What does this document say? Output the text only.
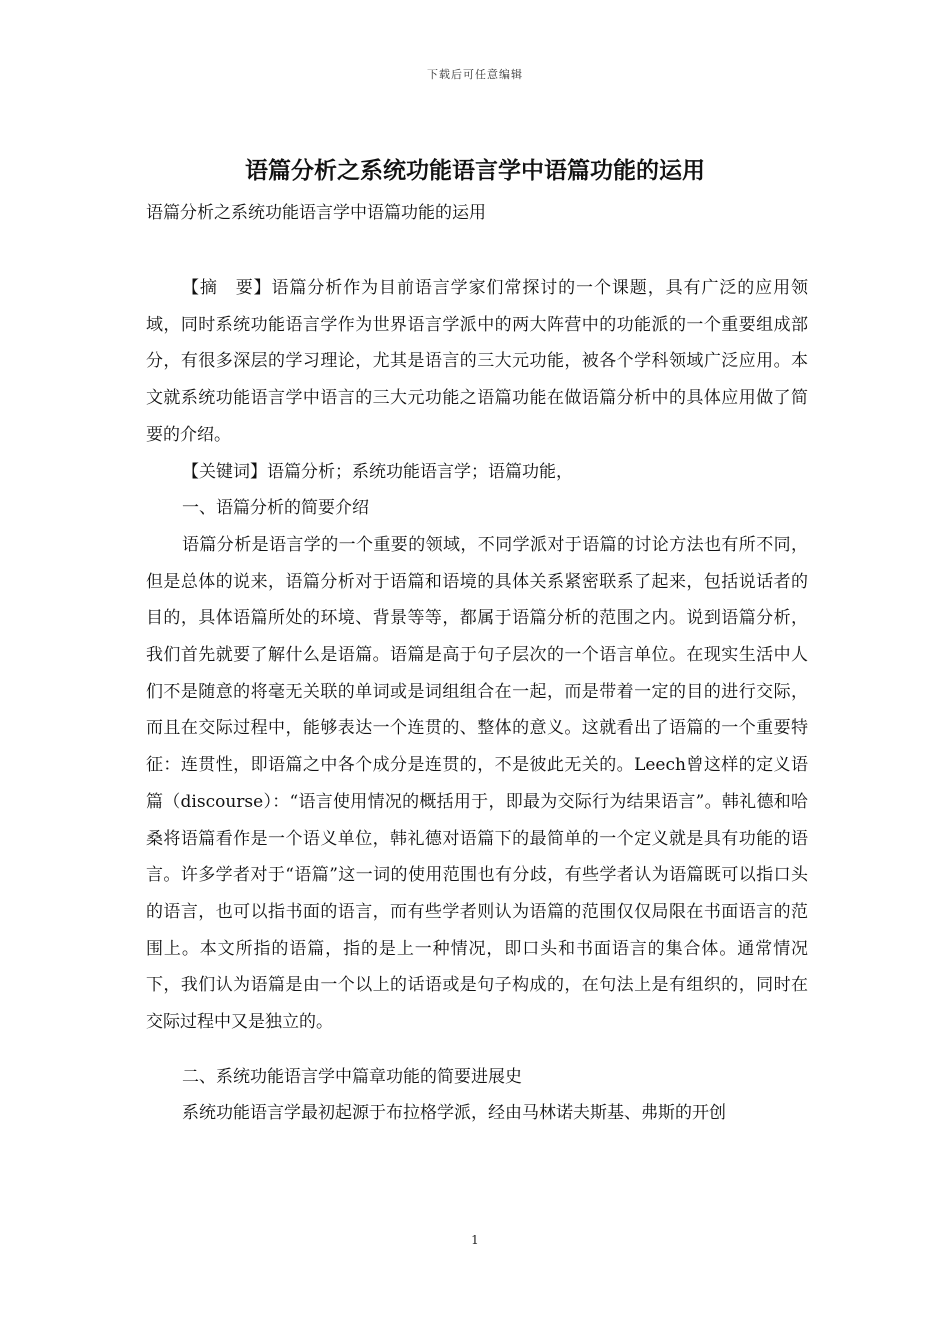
下载后可任意编辑
语篇分析之系统功能语言学中语篇功能的运用

语篇分析之系统功能语言学中语篇功能的运用

【摘　要】语篇分析作为目前语言学家们常探讨的一个课题，具有广泛的应用领域，同时系统功能语言学作为世界语言学派中的两大阵营中的功能派的一个重要组成部分，有很多深层的学习理论，尤其是语言的三大元功能，被各个学科领域广泛应用。本文就系统功能语言学中语言的三大元功能之语篇功能在做语篇分析中的具体应用做了简要的介绍。

【关键词】语篇分析；系统功能语言学；语篇功能，

一、语篇分析的简要介绍

语篇分析是语言学的一个重要的领域，不同学派对于语篇的讨论方法也有所不同，但是总体的说来，语篇分析对于语篇和语境的具体关系紧密联系了起来，包括说话者的目的，具体语篇所处的环境、背景等等，都属于语篇分析的范围之内。说到语篇分析，我们首先就要了解什么是语篇。语篇是高于句子层次的一个语言单位。在现实生活中人们不是随意的将毫无关联的单词或是词组组合在一起，而是带着一定的目的进行交际，而且在交际过程中，能够表达一个连贯的、整体的意义。这就看出了语篇的一个重要特征：连贯性，即语篇之中各个成分是连贯的，不是彼此无关的。Leech曾这样的定义语篇（discourse）：“语言使用情况的概括用于，即最为交际行为结果语言”。韩礼德和哈桑将语篇看作是一个语义单位，韩礼德对语篇下的最简单的一个定义就是具有功能的语言。许多学者对于“语篇”这一词的使用范围也有分歧，有些学者认为语篇既可以指口头的语言，也可以指书面的语言，而有些学者则认为语篇的范围仅仅局限在书面语言的范围上。本文所指的语篇，指的是上一种情况，即口头和书面语言的集合体。通常情况下，我们认为语篇是由一个以上的话语或是句子构成的，在句法上是有组织的，同时在交际过程中又是独立的。

二、系统功能语言学中篇章功能的简要进展史

系统功能语言学最初起源于布拉格学派，经由马林诺夫斯基、弗斯的开创

1
